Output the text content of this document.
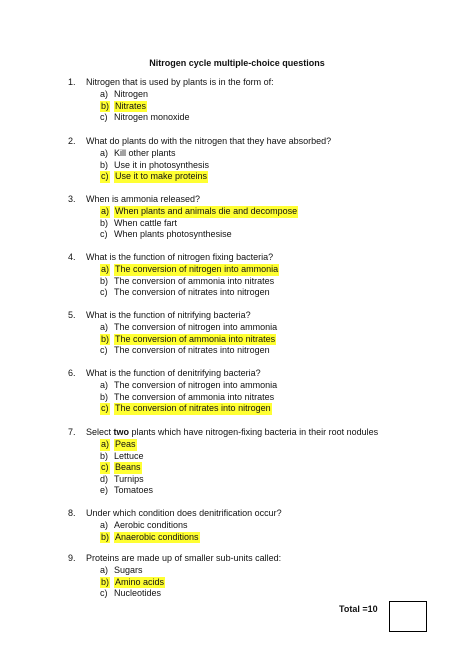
Nitrogen cycle multiple-choice questions
1. Nitrogen that is used by plants is in the form of:
a) Nitrogen
b) Nitrates
c) Nitrogen monoxide
2. What do plants do with the nitrogen that they have absorbed?
a) Kill other plants
b) Use it in photosynthesis
c) Use it to make proteins
3. When is ammonia released?
a) When plants and animals die and decompose
b) When cattle fart
c) When plants photosynthesise
4. What is the function of nitrogen fixing bacteria?
a) The conversion of nitrogen into ammonia
b) The conversion of ammonia into nitrates
c) The conversion of nitrates into nitrogen
5. What is the function of nitrifying bacteria?
a) The conversion of nitrogen into ammonia
b) The conversion of ammonia into nitrates
c) The conversion of nitrates into nitrogen
6. What is the function of denitrifying bacteria?
a) The conversion of nitrogen into ammonia
b) The conversion of ammonia into nitrates
c) The conversion of nitrates into nitrogen
7. Select two plants which have nitrogen-fixing bacteria in their root nodules
a) Peas
b) Lettuce
c) Beans
d) Turnips
e) Tomatoes
8. Under which condition does denitrification occur?
a) Aerobic conditions
b) Anaerobic conditions
9. Proteins are made up of smaller sub-units called:
a) Sugars
b) Amino acids
c) Nucleotides
Total =10
